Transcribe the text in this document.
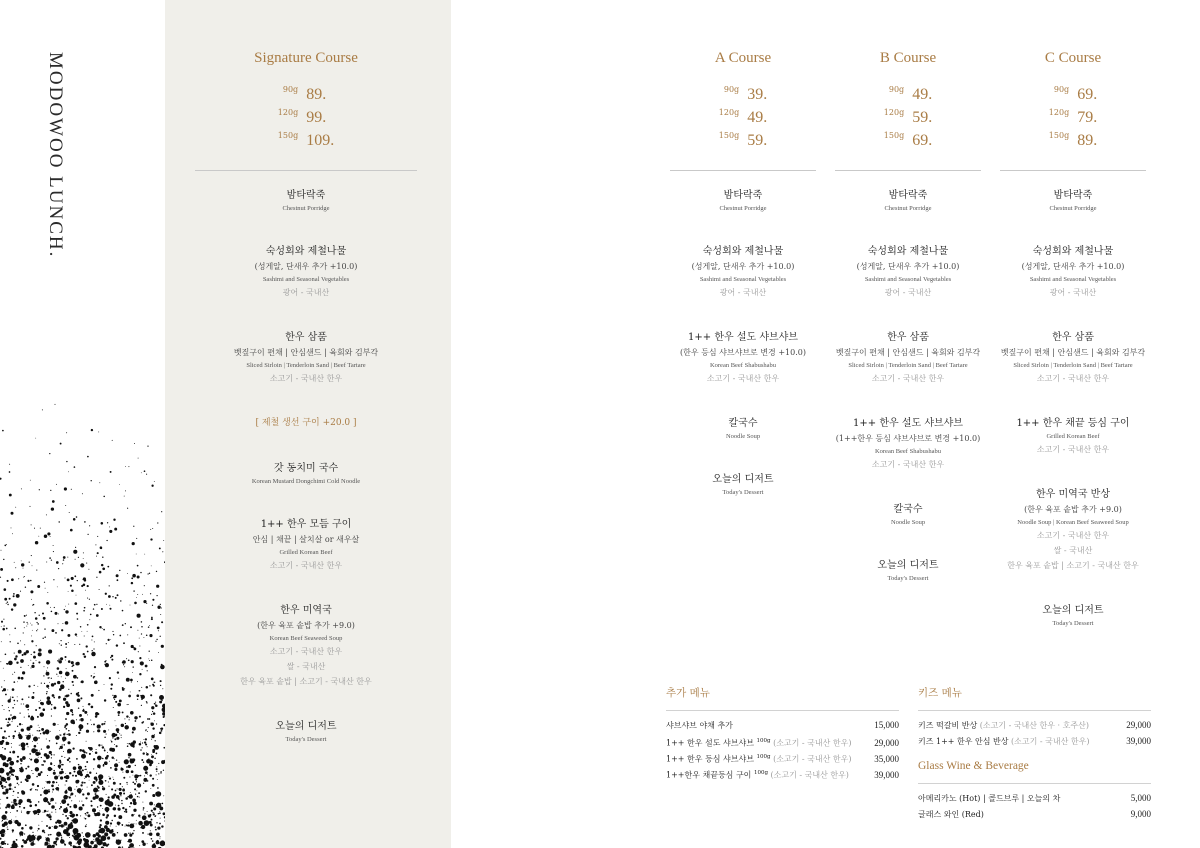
MODOWOO LUNCH.	Signature Course
90g	89.
120g	99.
150g	109.
밤타락죽
Chestnut Porridge
숙성회와 제철나물
(성게알, 단새우 추가 +10.0)
Sashimi and Seasonal Vegetables
광어 - 국내산
한우 삼품
벳짚구이 편채 | 안심샌드 | 육회와 김부각
Sliced Sirloin | Tenderloin Sand | Beef Tartare
소고기 - 국내산 한우
[ 제철 생선 구이 +20.0 ]
갓 동치미 국수
Korean Mustard Dongchimi Cold Noodle
1++ 한우 모듬 구이
안심 | 채끝 | 살치살 or 새우살
Grilled Korean Beef
소고기 - 국내산 한우
한우 미역국
(한우 육포 솥밥 추가 +9.0)
Korean Beef Seaweed Soup
소고기 - 국내산 한우
쌀 - 국내산
한우 육포 솥밥 | 소고기 - 국내산 한우
오늘의 디저트
Today's Dessert
A Course
90g	39.
120g	49.
150g	59.
밤타락죽
Chestnut Porridge
숙성회와 제철나물
(성게알, 단새우 추가 +10.0)
Sashimi and Seasonal Vegetables
광어 - 국내산
1++ 한우 설도 샤브샤브
(한우 등심 샤브샤브로 변경 +10.0)
Korean Beef Shabushabu
소고기 - 국내산 한우
칼국수
Noodle Soup
오늘의 디저트
Today's Dessert
B Course
90g	49.
120g	59.
150g	69.
밤타락죽
Chestnut Porridge
숙성회와 제철나물
(성게알, 단새우 추가 +10.0)
Sashimi and Seasonal Vegetables
광어 - 국내산
한우 삼품
벳짚구이 편채 | 안심샌드 | 육회와 김부각
Sliced Sirloin | Tenderloin Sand | Beef Tartare
소고기 - 국내산 한우
1++ 한우 설도 샤브샤브
(1++한우 등심 샤브샤브로 변경 +10.0)
Korean Beef Shabushabu
소고기 - 국내산 한우
칼국수
Noodle Soup
오늘의 디저트
Today's Dessert
C Course
90g	69.
120g	79.
150g	89.
밤타락죽
Chestnut Porridge
숙성회와 제철나물
(성게알, 단새우 추가 +10.0)
Sashimi and Seasonal Vegetables
광어 - 국내산
한우 삼품
벳짚구이 편채 | 안심샌드 | 육회와 김부각
Sliced Sirloin | Tenderloin Sand | Beef Tartare
소고기 - 국내산 한우
1++ 한우 채끝 등심 구이
Grilled Korean Beef
소고기 - 국내산 한우
한우 미역국 반상
(한우 육포 솥밥 추가 +9.0)
Noodle Soup | Korean Beef Seaweed Soup
소고기 - 국내산 한우
쌀 - 국내산
한우 육포 솥밥 | 소고기 - 국내산 한우
오늘의 디저트
Today's Dessert
추가 메뉴
샤브샤브 야채 추가	15,000
1++ 한우 설도 샤브샤브 $^{100g}$ (소고기 - 국내산 한우)	29,000
1++ 한우 등심 샤브샤브 $^{100g}$ (소고기 - 국내산 한우)	35,000
1++한우 채끝등심 구이 $^{100g}$ (소고기 - 국내산 한우)	39,000
키즈 메뉴
키즈 떡갈비 반상 (소고기 - 국내산 한우 · 호주산)	29,000
키즈 1++ 한우 안심 반상 (소고기 - 국내산 한우)	39,000
Glass Wine & Beverage
아메리카노 (Hot) | 콜드브루 | 오늘의 차	5,000
글래스 와인 (Red)	9,000
